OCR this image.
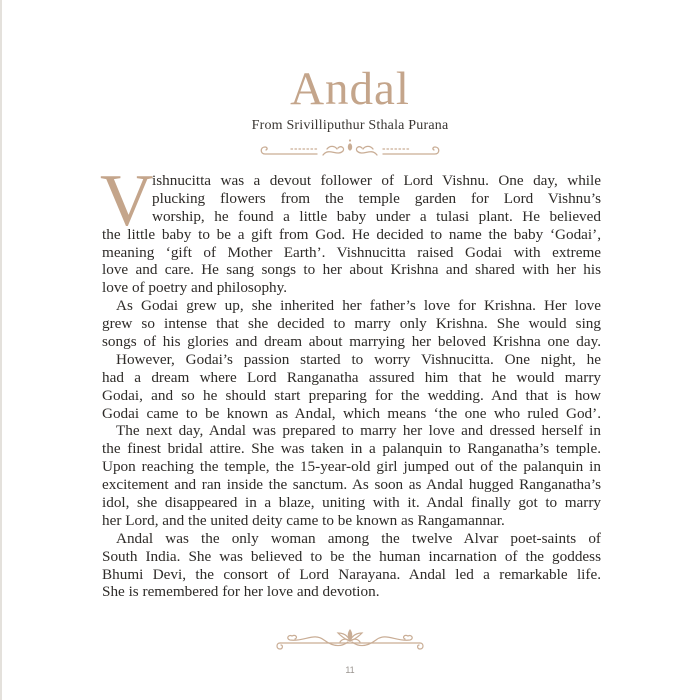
Andal
From Srivilliputhur Sthala Purana
V
ishnucitta was a devout follower of Lord Vishnu. One day, while
plucking flowers from the temple garden for Lord Vishnu’s
worship, he found a little baby under a tulasi plant. He believed
the little baby to be a gift from God. He decided to name the baby ‘Godai’,
meaning ‘gift of Mother Earth’. Vishnucitta raised Godai with extreme
love and care. He sang songs to her about Krishna and shared with her his
love of poetry and philosophy.
As Godai grew up, she inherited her father’s love for Krishna. Her love
grew so intense that she decided to marry only Krishna. She would sing
songs of his glories and dream about marrying her beloved Krishna one day.
However, Godai’s passion started to worry Vishnucitta. One night, he
had a dream where Lord Ranganatha assured him that he would marry
Godai, and so he should start preparing for the wedding. And that is how
Godai came to be known as Andal, which means ‘the one who ruled God’.
The next day, Andal was prepared to marry her love and dressed herself in
the finest bridal attire. She was taken in a palanquin to Ranganatha’s temple.
Upon reaching the temple, the 15-year-old girl jumped out of the palanquin in
excitement and ran inside the sanctum. As soon as Andal hugged Ranganatha’s
idol, she disappeared in a blaze, uniting with it. Andal finally got to marry
her Lord, and the united deity came to be known as Rangamannar.
Andal was the only woman among the twelve Alvar poet-saints of
South India. She was believed to be the human incarnation of the goddess
Bhumi Devi, the consort of Lord Narayana. Andal led a remarkable life.
She is remembered for her love and devotion.
11
